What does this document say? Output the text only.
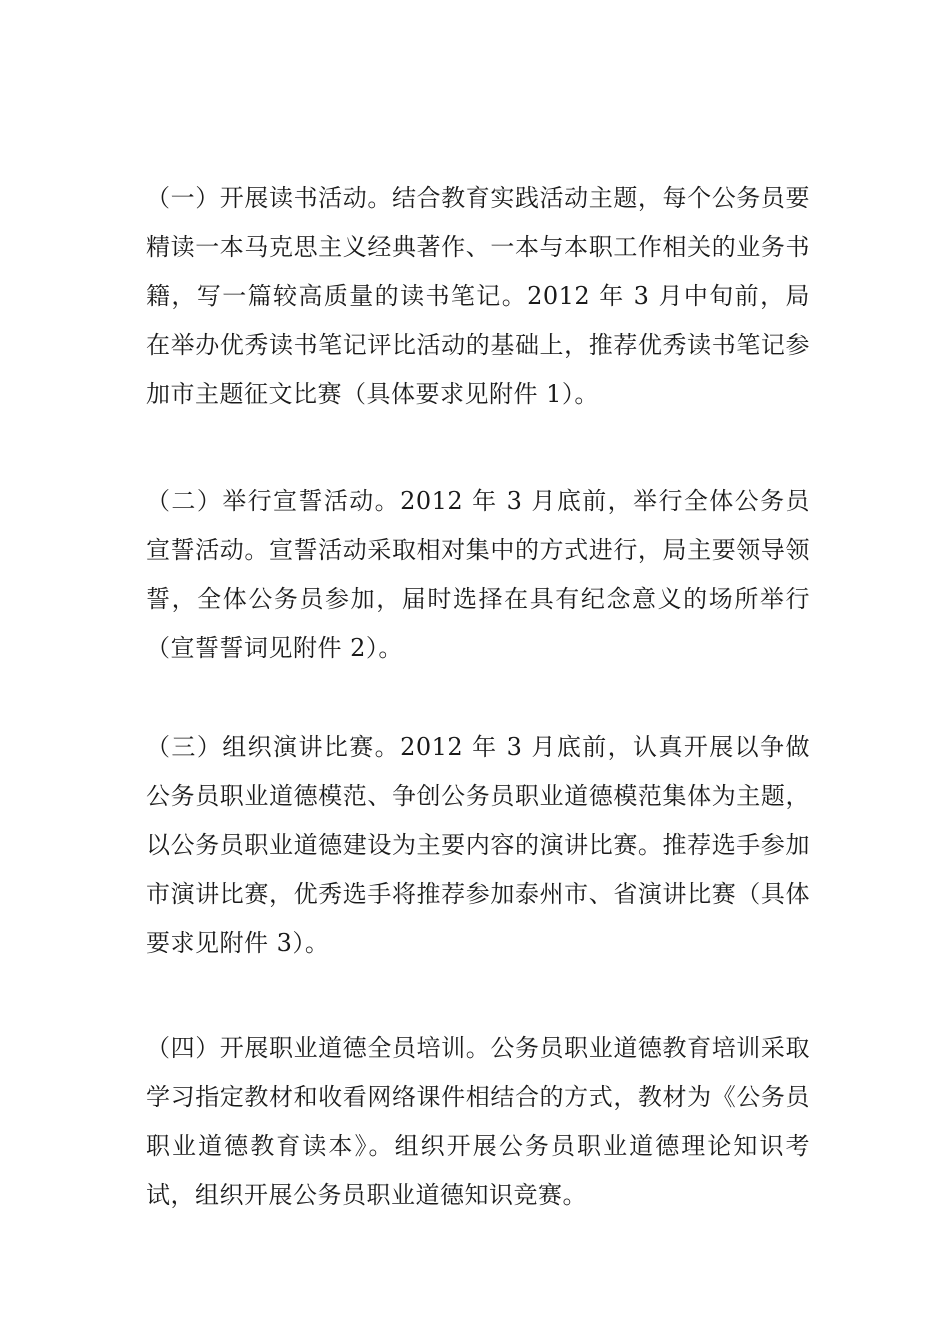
（一）开展读书活动。结合教育实践活动主题，每个公务员要精读一本马克思主义经典著作、一本与本职工作相关的业务书籍，写一篇较高质量的读书笔记。2012 年 3 月中旬前，局在举办优秀读书笔记评比活动的基础上，推荐优秀读书笔记参加市主题征文比赛（具体要求见附件 1）。

（二）举行宣誓活动。2012 年 3 月底前，举行全体公务员宣誓活动。宣誓活动采取相对集中的方式进行，局主要领导领誓，全体公务员参加，届时选择在具有纪念意义的场所举行（宣誓誓词见附件 2）。

（三）组织演讲比赛。2012 年 3 月底前，认真开展以争做公务员职业道德模范、争创公务员职业道德模范集体为主题，以公务员职业道德建设为主要内容的演讲比赛。推荐选手参加市演讲比赛，优秀选手将推荐参加泰州市、省演讲比赛（具体要求见附件 3）。

（四）开展职业道德全员培训。公务员职业道德教育培训采取学习指定教材和收看网络课件相结合的方式，教材为《公务员职业道德教育读本》。组织开展公务员职业道德理论知识考试，组织开展公务员职业道德知识竞赛。
